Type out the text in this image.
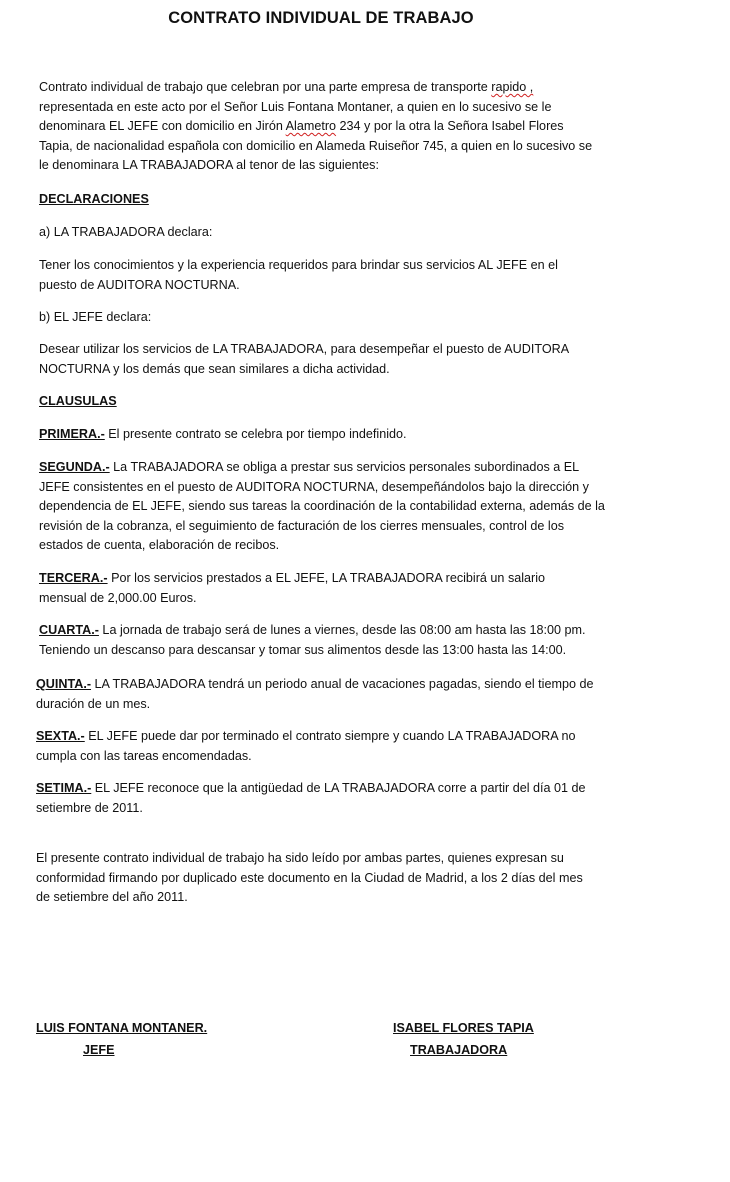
CONTRATO INDIVIDUAL DE TRABAJO
Contrato individual de trabajo que celebran por una parte empresa de transporte rapido ,
representada en este acto por el Señor Luis Fontana Montaner, a quien en lo sucesivo se le
denominara EL JEFE con domicilio en Jirón Alametro 234 y por la otra la Señora Isabel Flores
Tapia, de nacionalidad española con domicilio en Alameda Ruiseñor 745, a quien en lo sucesivo se
le denominara LA TRABAJADORA al tenor de las siguientes:
DECLARACIONES
a) LA TRABAJADORA declara:
Tener los conocimientos y la experiencia requeridos para brindar sus servicios AL JEFE en el puesto de AUDITORA NOCTURNA.
b) EL JEFE declara:
Desear utilizar los servicios de LA TRABAJADORA, para desempeñar el puesto de AUDITORA NOCTURNA y los demás que sean similares a dicha actividad.
CLAUSULAS
PRIMERA.- El presente contrato se celebra por tiempo indefinido.
SEGUNDA.- La TRABAJADORA se obliga a prestar sus servicios personales subordinados a EL JEFE consistentes en el puesto de AUDITORA NOCTURNA, desempeñándolos bajo la dirección y dependencia de EL JEFE, siendo sus tareas la coordinación de la contabilidad externa, además de la revisión de la cobranza, el seguimiento de facturación de los cierres mensuales, control de los estados de cuenta, elaboración de recibos.
TERCERA.- Por los servicios prestados a EL JEFE, LA TRABAJADORA recibirá un salario mensual de 2,000.00 Euros.
CUARTA.- La jornada de trabajo será de lunes a viernes, desde las 08:00 am hasta las 18:00 pm. Teniendo un descanso para descansar y tomar sus alimentos desde las 13:00 hasta las 14:00.
QUINTA.- LA TRABAJADORA tendrá un periodo anual de vacaciones pagadas, siendo el tiempo de duración de un mes.
SEXTA.- EL JEFE puede dar por terminado el contrato siempre y cuando LA TRABAJADORA no cumpla con las tareas encomendadas.
SETIMA.- EL JEFE reconoce que la antigüedad de LA TRABAJADORA corre a partir del día 01 de setiembre de 2011.
El presente contrato individual de trabajo ha sido leído por ambas partes, quienes expresan su conformidad firmando por duplicado este documento en la Ciudad de Madrid, a los 2 días del mes de setiembre del año 2011.
LUIS FONTANA MONTANER.
JEFE
ISABEL FLORES TAPIA
TRABAJADORA
